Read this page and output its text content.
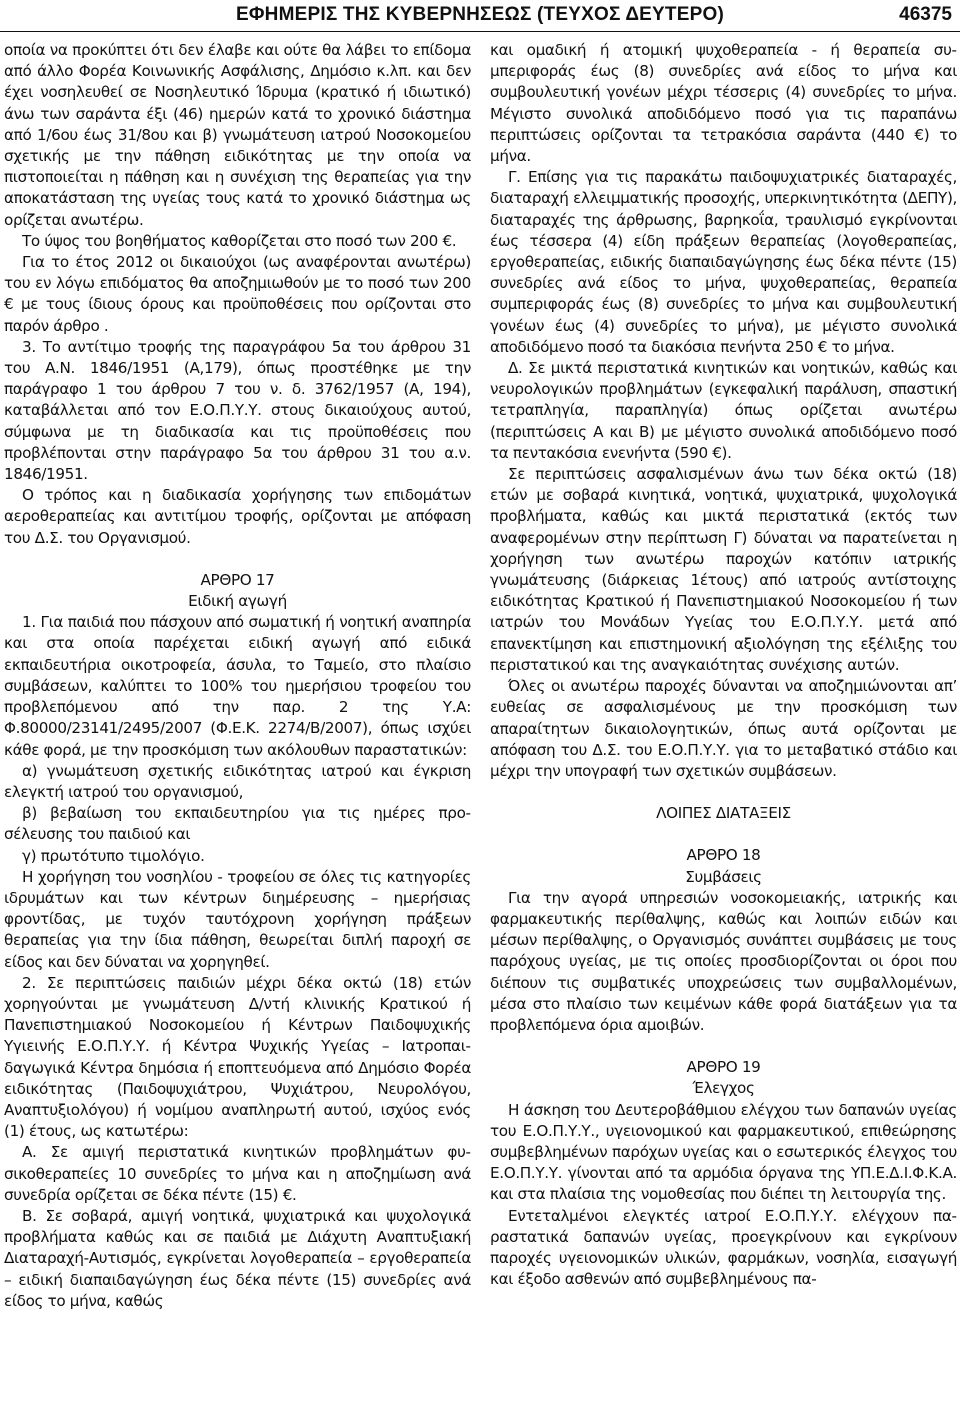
ΕΦΗΜΕΡΙΣ ΤΗΣ ΚΥΒΕΡΝΗΣΕΩΣ (ΤΕΥΧΟΣ ΔΕΥΤΕΡΟ)	46375

οποία να προκύπτει ότι δεν έλαβε και ούτε θα λάβει το επίδομα από άλλο Φορέα Κοινωνικής Ασφάλισης, Δημόσιο κ.λπ. και δεν έχει νοσηλευθεί σε Νοσηλευτικό Ίδρυμα (κρατικό ή ιδιωτικό) άνω των σαράντα έξι (46) ημερών κατά το χρονικό διάστημα από 1/6ου έως 31/8ου και β) γνωμάτευση ιατρού Νοσοκομείου σχετικής με την πάθηση ειδικότητας με την οποία να πιστοποιείται η πάθηση και η συνέχιση της θεραπείας για την αποκατάσταση της υγείας τους κατά το χρονικό διάστημα ως ορίζεται ανωτέρω.

Το ύψος του βοηθήματος καθορίζεται στο ποσό των 200 €.

Για το έτος 2012 οι δικαιούχοι (ως αναφέρονται ανωτέρω) του εν λόγω επιδόματος θα αποζημιωθούν με το ποσό των 200 € με τους ίδιους όρους και προϋποθέσεις που ορίζονται στο παρόν άρθρο .

3. Το αντίτιμο τροφής της παραγράφου 5α του άρθρου 31 του Α.Ν. 1846/1951 (Α,179), όπως προστέθηκε με την παράγραφο 1 του άρθρου 7 του ν. δ. 3762/1957 (Α, 194), καταβάλλεται από τον Ε.Ο.Π.Υ.Υ. στους δικαιούχους αυτού, σύμφωνα με τη διαδικασία και τις προϋποθέσεις που προβλέπονται στην παράγραφο 5α του άρθρου 31 του α.ν. 1846/1951.

Ο τρόπος και η διαδικασία χορήγησης των επιδομάτων αεροθεραπείας και αντιτίμου τροφής, ορίζονται με απόφαση του Δ.Σ. του Οργανισμού.

ΑΡΘΡΟ 17

Ειδική αγωγή

1. Για παιδιά που πάσχουν από σωματική ή νοητική αναπηρία και στα οποία παρέχεται ειδική αγωγή από ειδικά εκπαιδευτήρια οικοτροφεία, άσυλα, το Ταμείο, στο πλαίσιο συμβάσεων, καλύπτει το 100% του ημερήσιου τροφείου του προβλεπόμενου από την παρ. 2 της Υ.Α: Φ.80000/23141/2495/2007 (Φ.Ε.Κ. 2274/Β/2007), όπως ισχύει κάθε φορά, με την προσκόμιση των ακόλουθων παραστατικών:

α) γνωμάτευση σχετικής ειδικότητας ιατρού και έγκριση ελεγκτή ιατρού του οργανισμού,

β) βεβαίωση του εκπαιδευτηρίου για τις ημέρες προσέλευσης του παιδιού και

γ) πρωτότυπο τιμολόγιο.

Η χορήγηση του νοσηλίου - τροφείου σε όλες τις κατηγορίες ιδρυμάτων και των κέντρων διημέρευσης – ημερήσιας φροντίδας, με τυχόν ταυτόχρονη χορήγηση πράξεων θεραπείας για την ίδια πάθηση, θεωρείται διπλή παροχή σε είδος και δεν δύναται να χορηγηθεί.

2. Σε περιπτώσεις παιδιών μέχρι δέκα οκτώ (18) ετών χορηγούνται με γνωμάτευση Δ/ντή κλινικής Κρατικού ή Πανεπιστημιακού Νοσοκομείου ή Κέντρων Παιδοψυχικής Υγιεινής Ε.Ο.Π.Υ.Υ. ή Κέντρα Ψυχικής Υγείας – Ιατροπαιδαγωγικά Κέντρα δημόσια ή εποπτευόμενα από Δημόσιο Φορέα ειδικότητας (Παιδοψυχιάτρου, Ψυχιάτρου, Νευρολόγου, Αναπτυξιολόγου) ή νομίμου αναπληρωτή αυτού, ισχύος ενός (1) έτους, ως κατωτέρω:

Α. Σε αμιγή περιστατικά κινητικών προβλημάτων φυσικοθεραπείες 10 συνεδρίες το μήνα και η αποζημίωση ανά συνεδρία ορίζεται σε δέκα πέντε (15) €.

Β. Σε σοβαρά, αμιγή νοητικά, ψυχιατρικά και ψυχολογικά προβλήματα καθώς και σε παιδιά με Διάχυτη Αναπτυξιακή Διαταραχή-Αυτισμός, εγκρίνεται λογοθεραπεία – εργοθεραπεία – ειδική διαπαιδαγώγηση έως δέκα πέντε (15) συνεδρίες ανά είδος το μήνα, καθώς

και ομαδική ή ατομική ψυχοθεραπεία - ή θεραπεία συμπεριφοράς έως (8) συνεδρίες ανά είδος το μήνα και συμβουλευτική γονέων μέχρι τέσσερις (4) συνεδρίες το μήνα. Μέγιστο συνολικά αποδιδόμενο ποσό για τις παραπάνω περιπτώσεις ορίζονται τα τετρακόσια σαράντα (440 €) το μήνα.

Γ. Επίσης για τις παρακάτω παιδοψυχιατρικές διαταραχές, διαταραχή ελλειμματικής προσοχής, υπερκινητικότητα (ΔΕΠΥ), διαταραχές της άρθρωσης, βαρηκοΐα, τραυλισμό εγκρίνονται έως τέσσερα (4) είδη πράξεων θεραπείας (λογοθεραπείας, εργοθεραπείας, ειδικής διαπαιδαγώγησης έως δέκα πέντε (15) συνεδρίες ανά είδος το μήνα, ψυχοθεραπείας, θεραπεία συμπεριφοράς έως (8) συνεδρίες το μήνα και συμβουλευτική γονέων έως (4) συνεδρίες το μήνα), με μέγιστο συνολικά αποδιδόμενο ποσό τα διακόσια πενήντα 250 € το μήνα.

Δ. Σε μικτά περιστατικά κινητικών και νοητικών, καθώς και νευρολογικών προβλημάτων (εγκεφαλική παράλυση, σπαστική τετραπληγία, παραπληγία) όπως ορίζεται ανωτέρω (περιπτώσεις Α και Β) με μέγιστο συνολικά αποδιδόμενο ποσό τα πεντακόσια ενενήντα (590 €).

Σε περιπτώσεις ασφαλισμένων άνω των δέκα οκτώ (18) ετών με σοβαρά κινητικά, νοητικά, ψυχιατρικά, ψυχολογικά προβλήματα, καθώς και μικτά περιστατικά (εκτός των αναφερομένων στην περίπτωση Γ) δύναται να παρατείνεται η χορήγηση των ανωτέρω παροχών κατόπιν ιατρικής γνωμάτευσης (διάρκειας 1έτους) από ιατρούς αντίστοιχης ειδικότητας Κρατικού ή Πανεπιστημιακού Νοσοκομείου ή των ιατρών του Μονάδων Υγείας του Ε.Ο.Π.Υ.Υ. μετά από επανεκτίμηση και επιστημονική αξιολόγηση της εξέλιξης του περιστατικού και της αναγκαιότητας συνέχισης αυτών.

Όλες οι ανωτέρω παροχές δύνανται να αποζημιώνονται απ’ ευθείας σε ασφαλισμένους με την προσκόμιση των απαραίτητων δικαιολογητικών, όπως αυτά ορίζονται με απόφαση του Δ.Σ. του Ε.Ο.Π.Υ.Υ. για το μεταβατικό στάδιο και μέχρι την υπογραφή των σχετικών συμβάσεων.

ΛΟΙΠΕΣ ΔΙΑΤΑΞΕΙΣ

ΑΡΘΡΟ 18

Συμβάσεις

Για την αγορά υπηρεσιών νοσοκομειακής, ιατρικής και φαρμακευτικής περίθαλψης, καθώς και λοιπών ειδών και μέσων περίθαλψης, ο Οργανισμός συνάπτει συμβάσεις με τους παρόχους υγείας, με τις οποίες προσδιορίζονται οι όροι που διέπουν τις συμβατικές υποχρεώσεις των συμβαλλομένων, μέσα στο πλαίσιο των κειμένων κάθε φορά διατάξεων για τα προβλεπόμενα όρια αμοιβών.

ΑΡΘΡΟ 19

Έλεγχος

Η άσκηση του Δευτεροβάθμιου ελέγχου των δαπανών υγείας του Ε.Ο.Π.Υ.Υ., υγειονομικού και φαρμακευτικού, επιθεώρησης συμβεβλημένων παρόχων υγείας και ο εσωτερικός έλεγχος του Ε.Ο.Π.Υ.Υ. γίνονται από τα αρμόδια όργανα της ΥΠ.Ε.Δ.Ι.Φ.Κ.Α. και στα πλαίσια της νομοθεσίας που διέπει τη λειτουργία της.

Εντεταλμένοι ελεγκτές ιατροί Ε.Ο.Π.Υ.Υ. ελέγχουν παραστατικά δαπανών υγείας, προεγκρίνουν και εγκρίνουν παροχές υγειονομικών υλικών, φαρμάκων, νοσηλία, εισαγωγή και έξοδο ασθενών από συμβεβλημένους πα-
